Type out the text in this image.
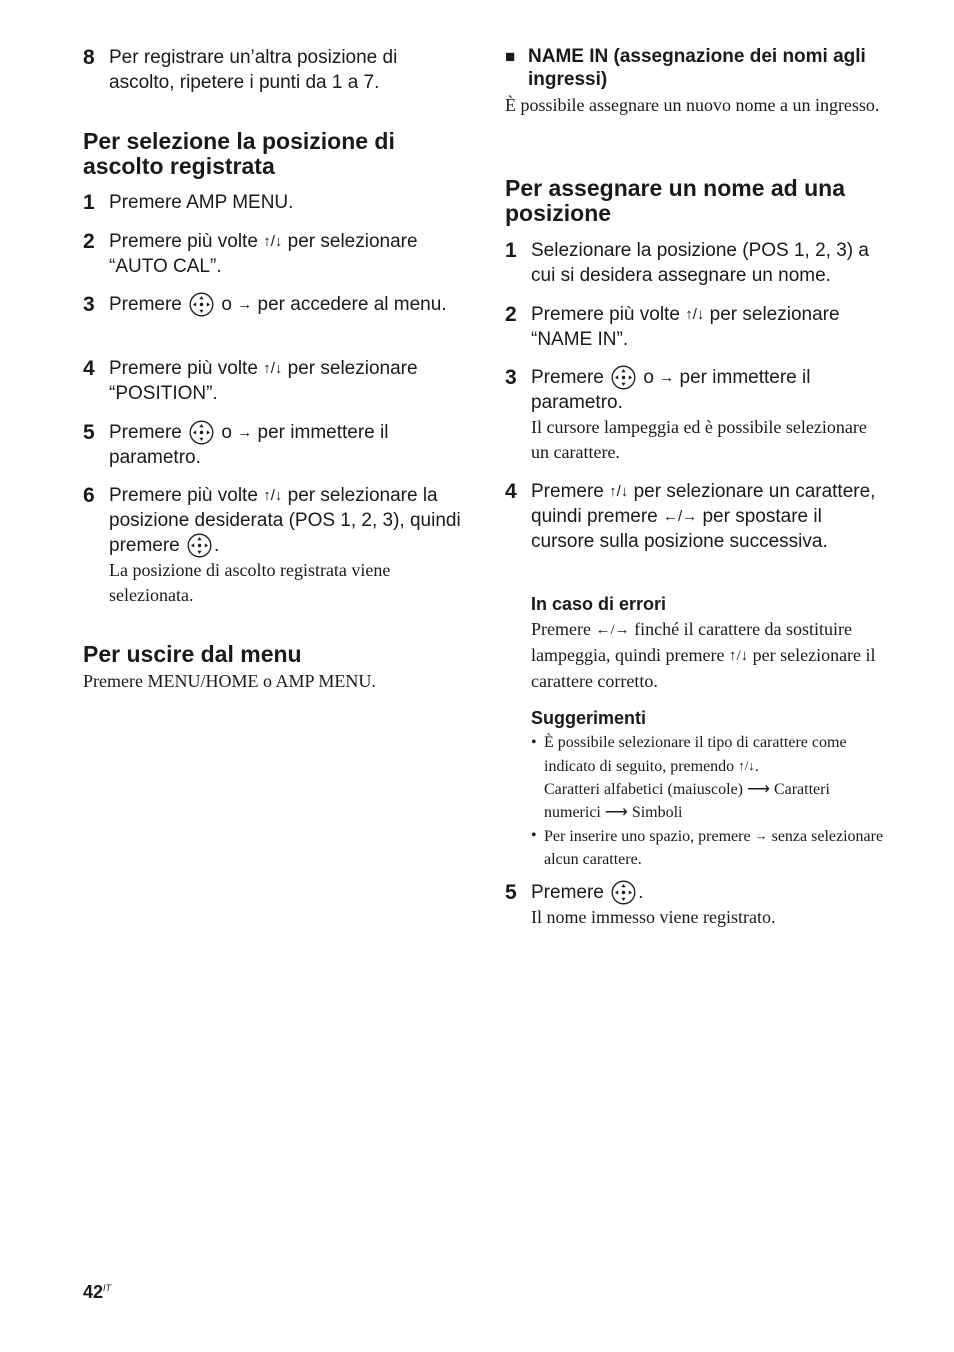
8 Per registrare un’altra posizione di ascolto, ripetere i punti da 1 a 7.
Per selezione la posizione di ascolto registrata
1 Premere AMP MENU.
2 Premere più volte ↑/↓ per selezionare “AUTO CAL”.
3 Premere  o → per accedere al menu.
4 Premere più volte ↑/↓ per selezionare “POSITION”.
5 Premere  o → per immettere il parametro.
6 Premere più volte ↑/↓ per selezionare la posizione desiderata (POS 1, 2, 3), quindi premere .
La posizione di ascolto registrata viene selezionata.
Per uscire dal menu
Premere MENU/HOME o AMP MENU.
■ NAME IN (assegnazione dei nomi agli ingressi)
È possibile assegnare un nuovo nome a un ingresso.
Per assegnare un nome ad una posizione
1 Selezionare la posizione (POS 1, 2, 3) a cui si desidera assegnare un nome.
2 Premere più volte ↑/↓ per selezionare “NAME IN”.
3 Premere  o → per immettere il parametro.
Il cursore lampeggia ed è possibile selezionare un carattere.
4 Premere ↑/↓ per selezionare un carattere, quindi premere ←/→ per spostare il cursore sulla posizione successiva.
In caso di errori
Premere ←/→ finché il carattere da sostituire lampeggia, quindi premere ↑/↓ per selezionare il carattere corretto.
Suggerimenti
• È possibile selezionare il tipo di carattere come indicato di seguito, premendo ↑/↓.
Caratteri alfabetici (maiuscole) ⟶ Caratteri numerici ⟶ Simboli
• Per inserire uno spazio, premere → senza selezionare alcun carattere.
5 Premere .
Il nome immesso viene registrato.
$42^{IT}$
